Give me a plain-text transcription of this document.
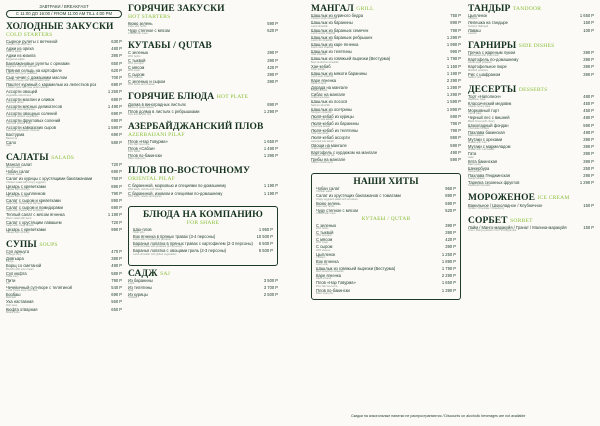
ЗАВТРАКИ / BREAKFAST
С 11:00 ДО 16:00 / FROM 11:00 AM TILL 4:00 PM
ХОЛОДНЫЕ ЗАКУСКИ
COLD STARTERS
Сырное рулеты с ветчиной
Cheese rolls with ham
630 Р
Аджи из ореха
Walnut adjika
480 Р
Аджи из кизила
Dogwood adjika
390 Р
Баклажановые рулеты с орехами
Eggplant rolls with walnuts
650 Р
Пряная сельдь на картофеле
Spiced herring on potatoes
620 Р
Сыр чечил с домашним маслом
Chechil cheese with homemade butter
700 Р
Паштет куриный с карамелью из лепестков роз
Chicken pate with rose petal caramel
690 Р
Ассорти овощей
Vegetable assortment
1 250 Р
Ассорти маслин и оливок
Assorted olives
690 Р
Ассорти мясных деликатесов
Assorted meat delicacies
1 490 Р
Ассорти овощных солений
Assorted pickled vegetables
690 Р
Ассорти фруктовых солений
Assorted pickled fruits
690 Р
Ассорти кавказских сыров
Assorted Caucasian cheeses
1 590 Р
Бастурма
Basturma
690 Р
Сало
Salo
580 Р
САЛАТЫ SALADS
Мангал салат
Mangal salad
720 Р
Чобан салат
Choban salad
690 Р
Салат из курицы с хрустящими баклажанами
Chicken salad with crispy eggplant
760 Р
Цезарь с креветками
Caesar with shrimps
890 Р
Цезарь с цыпленком
Caesar with chicken
790 Р
Салат с сыром и креветками
Salad with cheese and shrimps
890 Р
Салат с сыром и помидорами
Salad with cheese and tomatoes
690 Р
Теплый салат с мясом ягненка
Warm salad with lamb
1 190 Р
Салат с хрустящим лавашем
Salad with crispy lavash
720 Р
Цезарь с креветками
Caesar with shrimps
990 Р
СУПЫ SOUPS
Суп арньуга
Arnjuga soup
470 Р
Довгьара
Dovga
380 Р
Борщ со сметаной
Borscht with sour cream
490 Р
Суп кюфта
Kufta soup
580 Р
Пити
Piti
790 Р
Чечевичный суп-пюре с телятиной
Lentil cream soup with veal
540 Р
Бозбаш
Bozbash
690 Р
Уха наставная
Fish soup
560 Р
Кюфта отварная
Boiled kufta
650 Р
ГОРЯЧИЕ ЗАКУСКИ
HOT STARTERS
Кюкю зелень
Kuku with herbs
590 Р
Чуду степное с мясом
Chudu with meat
520 Р
КУТАБЫ / QUTAB
С зеленью
With herbs
390 Р
С тыквой
With pumpkin
390 Р
С мясом
With meat
420 Р
С сыром
With cheese
390 Р
С зеленью и сыром
With herbs and cheese
390 Р
ГОРЯЧИЕ БЛЮДА HOT PLATE
Долма в виноградных листьях
Dolma in grape leaves
890 Р
Плов долма в листьях с ребрышками
Plov dolma with ribs
1 290 Р
АЗЕРБАЙДЖАНСКИЙ ПЛОВ
AZERBAIJANI PILAF
Плов «Нар Говурма»
Plov Nar Govurma
1 650 Р
Плов «Сабзи»
Plov Sabzi
1 490 Р
Плов по-бакински
Baku style plov
1 390 Р
ПЛОВ ПО-ВОСТОЧНОМУ
ORIENTAL PILAF
С бараниной, морковью и специями по-домашнему
With lamb, carrots and spices
1 190 Р
С бараниной, изюмом и специями по-домашнему
With lamb, raisins and spices
1 190 Р
БЛЮДА НА КОМПАНИЮ
FOR SHARE
Шах-плов
Shah plov
1 950 Р
Вок ягненка в пряных травах (3-4 персоны)
Lamb wok in herbs (3-4 persons)
10 500 Р
Баранья лопатка в пряных травах с картофелем (2-3 персоны)
Lamb shoulder with potatoes (2-3 persons)
6 500 Р
Баранья лопатка с овощами гриль (2-3 персоны)
Lamb shoulder with grilled vegetables
5 500 Р
САДЖ SAJ
Из баранины
Lamb
3 500 Р
Из телятины
Veal
3 700 Р
Из курицы
Chicken
2 500 Р
МАНГАЛ GRILL
Шашлык из куриного бедра
Chicken thigh shashlik
750 Р
Шашлык из баранины
Lamb shashlik
890 Р
Шашлык из бараньих семечек
Lamb seeds shashlik
790 Р
Шашлык из бараньих ребрышек
Lamb ribs shashlik
1 290 Р
Шашлык из каре ягненка
Lamb rack shashlik
1 990 Р
Шашлык из телятины
Veal shashlik
990 Р
Шашлык из говяжьей вырезки (Вестурма)
Beef tenderloin shashlik
1 790 Р
Хан-кебаб
Khan kebab
1 150 Р
Шашлык из мякоти баранины
Lamb pulp shashlik
1 190 Р
Каре ягненка
Rack of lamb
2 290 Р
Дорада на мангале
Grilled dorado
1 290 Р
Сибас на мангале
Grilled sea bass
1 290 Р
Шашлык из лосося
Salmon shashlik
1 590 Р
Шашлык из осетрины
Sturgeon shashlik
1 890 Р
Люля-кебаб из курицы
Chicken lula kebab
690 Р
Люля-кебаб из баранины
Lamb lula kebab
790 Р
Люля-кебаб из телятины
Veal lula kebab
790 Р
Люля-кебаб ассорти
Assorted lula kebab
890 Р
Овощи на мангале
Grilled vegetables
590 Р
Картофель с курдюком на мангале
Potatoes with fat tail
490 Р
Грибы на мангале
Grilled mushrooms
590 Р
НАШИ ХИТЫ
Чобан салат
Choban salad
960 Р
Салат из хрустящих баклажанов с томатами
Crispy eggplant salad with tomatoes
890 Р
Кюкю зелень
Kuku with herbs
590 Р
Чуду степное с мясом
Chudu with meat
520 Р
КУТАБЫ / QUTAB
С зеленью
With herbs
390 Р
С тыквой
With pumpkin
390 Р
С мясом
With meat
420 Р
С сыром
With cheese
390 Р
Цыпленок
Chicken
1 250 Р
Вок ягненка
Lamb wok
1 890 Р
Шашлык из говяжьей вырезки (Вестурма)
Beef tenderloin shashlik
1 790 Р
Каре ягненка
Rack of lamb
2 290 Р
Плов «Нар Говурма»
Plov Nar Govurma
1 650 Р
Плов по-бакински
Baku style plov
1 390 Р
ТАНДЫР TANDOOR
Цыпленок
Chicken
1 650 Р
Лепешка на тандыре
Tandoor flatbread
150 Р
Лаваш
Lavash
100 Р
ГАРНИРЫ SIDE DISHES
Гречка с жареным луком
Buckwheat with fried onion
390 Р
Картофель по-домашнему
Home-style potatoes
390 Р
Картофельное пюре
Mashed potatoes
390 Р
Рис с шафраном
Saffron rice
390 Р
ДЕСЕРТЫ DESSERTS
Торт «Наполеон»
Napoleon cake
480 Р
Классический медовик
Classic honey cake
450 Р
Морковный торт
Carrot cake
450 Р
Черный лес с вишней
Black forest with cherry
480 Р
Шоколадный фондан
Chocolate fondant
590 Р
Пахлава бакинская
Baku baklava
490 Р
Мутаки с орехами
Mutaki with nuts
390 Р
Мутаки с мармеладом
Mutaki with marmalade
390 Р
Гата
Gata
390 Р
Кята бакинская
Baku kyata
390 Р
Шекербура
Shekerbura
250 Р
Пахлава Гянджинская
Ganja baklava
290 Р
Тарелка сезонных фруктов
Seasonal fruit plate
1 290 Р
МОРОЖЕНОЕ ICE CREAM
Ванильное / Шоколадное / Клубничное
Vanilla / Chocolate / Strawberry
150 Р
СОРБЕТ SORBET
Лайм / Манго-маракуйя / Гранат / Малина-маракуйя
Lime / Mango-passion fruit / Pomegranate
150 Р
Скидки на алкогольные напитки не распространяются / Discounts on alcoholic beverages are not available
